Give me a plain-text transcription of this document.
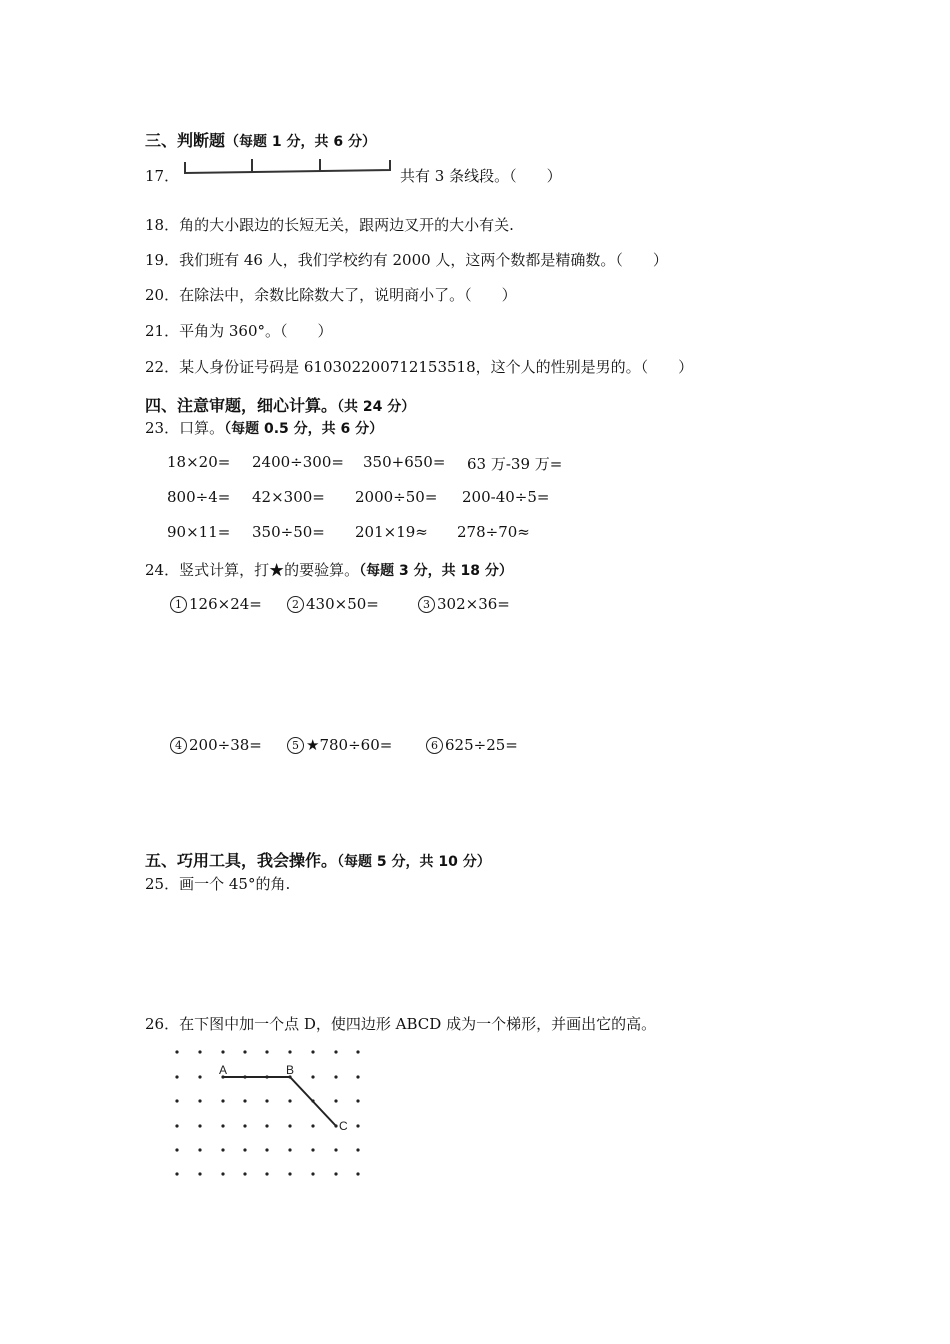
三、判断题（每题 1 分，共 6 分）
17．	共有 3 条线段。（　　）
18．角的大小跟边的长短无关，跟两边叉开的大小有关.
19．我们班有 46 人，我们学校约有 2000 人，这两个数都是精确数。（　　）
20．在除法中，余数比除数大了，说明商小了。（　　）
21．平角为 360°。（　　）
22．某人身份证号码是 610302200712153518，这个人的性别是男的。（　　）
四、注意审题，细心计算。（共 24 分）
23．口算。（每题 0.5 分，共 6 分）
18×20= 2400÷300= 350+650= 63 万-39 万=
800÷4= 42×300= 2000÷50= 200-40÷5=
90×11= 350÷50= 201×19≈ 278÷70≈
24．竖式计算，打★的要验算。（每题 3 分，共 18 分）
1 126×24=	2 430×50=	3 302×36=
4 200÷38=	5 ★780÷60=	6 625÷25=
五、巧用工具，我会操作。（每题 5 分，共 10 分）
25．画一个 45°的角.
26．在下图中加一个点 D，使四边形 ABCD 成为一个梯形，并画出它的高。
A	B
C
